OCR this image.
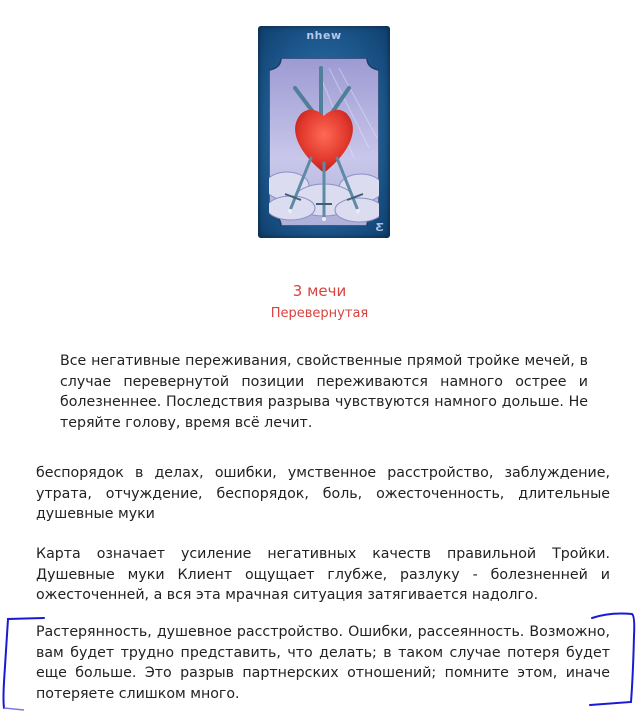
nhew
Ƹ
3 мечи
Перевернутая

Все негативные переживания, свойственные прямой тройке мечей, в случае перевернутой позиции переживаются намного острее и болезненнее. Последствия разрыва чувствуются намного дольше. Не теряйте голову, время всё лечит.

беспорядок в делах, ошибки, умственное расстройство, заблуждение, утрата, отчуждение, беспорядок, боль, ожесточенность, длительные душевные муки

Карта означает усиление негативных качеств правильной Тройки. Душевные муки Клиент ощущает глубже, разлуку - болезненней и ожесточенней, а вся эта мрачная ситуация затягивается надолго.

Растерянность, душевное расстройство. Ошибки, рассеянность. Возможно, вам будет трудно представить, что делать; в таком случае потеря будет еще больше. Это разрыв партнерских отношений; помните этом, иначе потеряете слишком много.
